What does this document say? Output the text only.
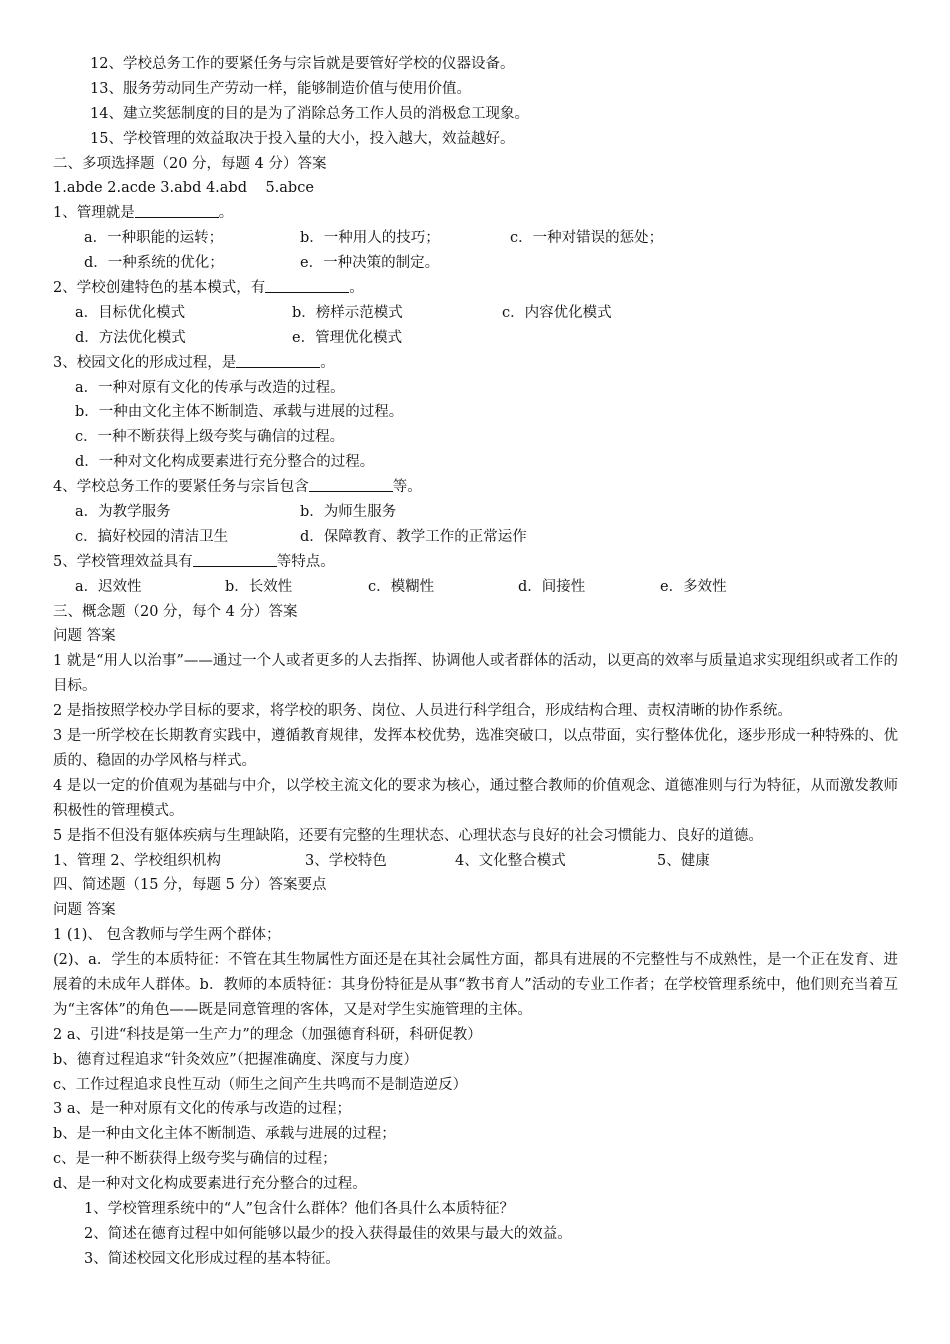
12、学校总务工作的要紧任务与宗旨就是要管好学校的仪器设备。
13、服务劳动同生产劳动一样，能够制造价值与使用价值。
14、建立奖惩制度的目的是为了消除总务工作人员的消极怠工现象。
15、学校管理的效益取决于投入量的大小，投入越大，效益越好。
二、多项选择题（20 分，每题 4 分）答案
1.abde 2.acde 3.abd 4.abd    5.abce
1、管理就是	。
a．一种职能的运转；	b．一种用人的技巧；	c．一种对错误的惩处；
d．一种系统的优化；	e．一种决策的制定。
2、学校创建特色的基本模式，有	。
a．目标优化模式	b．榜样示范模式	c．内容优化模式
d．方法优化模式	e．管理优化模式
3、校园文化的形成过程，是	。
a．一种对原有文化的传承与改造的过程。
b．一种由文化主体不断制造、承载与进展的过程。
c．一种不断获得上级夸奖与确信的过程。
d．一种对文化构成要素进行充分整合的过程。
4、学校总务工作的要紧任务与宗旨包含	等。
a．为教学服务	b．为师生服务
c．搞好校园的清洁卫生	d．保障教育、教学工作的正常运作
5、学校管理效益具有	等特点。
a．迟效性	b．长效性	c．模糊性	d．间接性	e．多效性
三、概念题（20 分，每个 4 分）答案
问题 答案
1 就是“用人以治事”——通过一个人或者更多的人去指挥、协调他人或者群体的活动，以更高的效率与质量追求实现组织或者工作的目标。
2 是指按照学校办学目标的要求，将学校的职务、岗位、人员进行科学组合，形成结构合理、责权清晰的协作系统。
3 是一所学校在长期教育实践中，遵循教育规律，发挥本校优势，选准突破口，以点带面，实行整体优化，逐步形成一种特殊的、优质的、稳固的办学风格与样式。
4 是以一定的价值观为基础与中介，以学校主流文化的要求为核心，通过整合教师的价值观念、道德准则与行为特征，从而激发教师积极性的管理模式。
5 是指不但没有躯体疾病与生理缺陷，还要有完整的生理状态、心理状态与良好的社会习惯能力、良好的道德。
1、管理 2、学校组织机构	3、学校特色	4、文化整合模式	5、健康
四、简述题（15 分，每题 5 分）答案要点
问题 答案
1 (1)、 包含教师与学生两个群体；
(2)、a．学生的本质特征：不管在其生物属性方面还是在其社会属性方面，都具有进展的不完整性与不成熟性，是一个正在发育、进展着的未成年人群体。b．教师的本质特征：其身份特征是从事“教书育人”活动的专业工作者；在学校管理系统中，他们则充当着互为“主客体”的角色——既是同意管理的客体，又是对学生实施管理的主体。
2 a、引进“科技是第一生产力”的理念（加强德育科研，科研促教）
b、德育过程追求“针灸效应”（把握准确度、深度与力度）
c、工作过程追求良性互动（师生之间产生共鸣而不是制造逆反）
3 a、是一种对原有文化的传承与改造的过程；
b、是一种由文化主体不断制造、承载与进展的过程；
c、是一种不断获得上级夸奖与确信的过程；
d、是一种对文化构成要素进行充分整合的过程。
1、学校管理系统中的“人”包含什么群体？他们各具什么本质特征？
2、简述在德育过程中如何能够以最少的投入获得最佳的效果与最大的效益。
3、简述校园文化形成过程的基本特征。
